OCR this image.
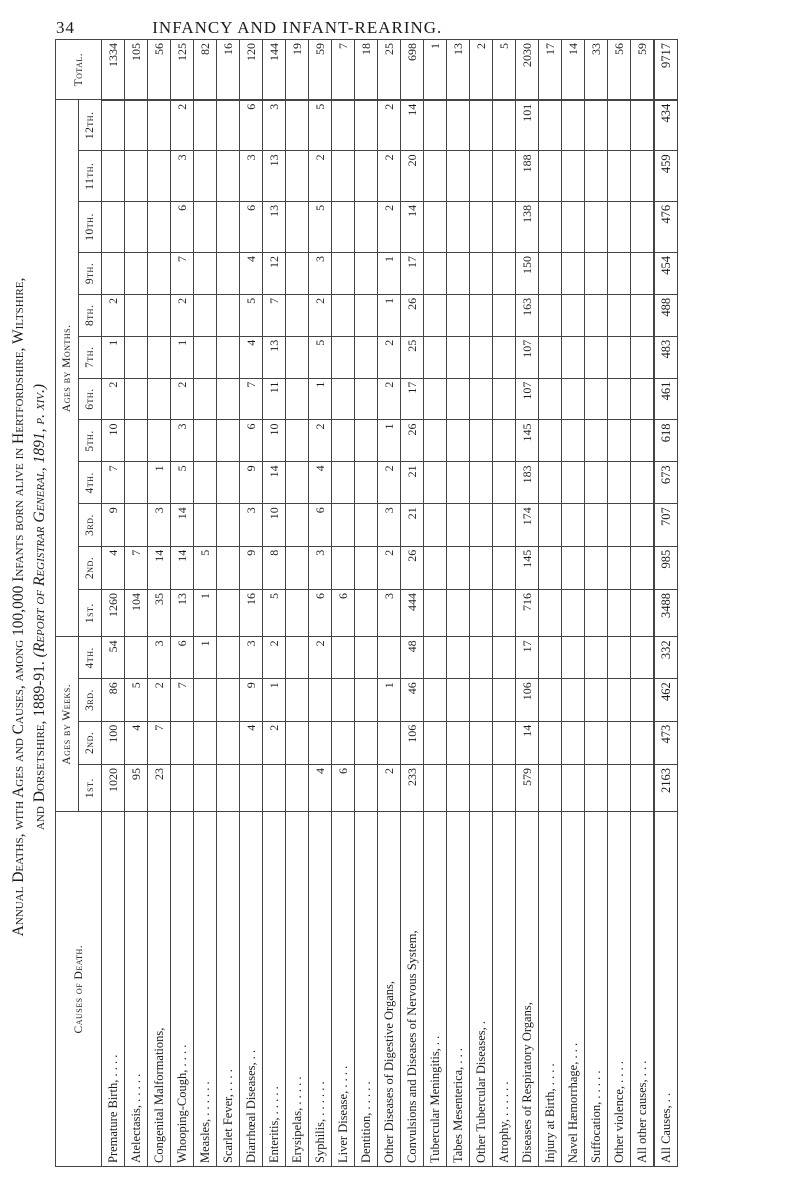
34	INFANCY AND INFANT-REARING.
Annual Deaths, with Ages and Causes, among 100,000 Infants born alive in Hertfordshire, Wiltshire, and Dorsetshire, 1889-91. (Report of Registrar General, 1891, p. xiv.)
Causes of Death.	Ages by Weeks.				Ages by Months.												Total.
	1st.	2nd.	3rd.	4th.	1st.	2nd.	3rd.	4th.	5th.	6th.	7th.	8th.	9th.	10th.	11th.	12th.	
Premature Birth, . . . .	1020	100	86	54	1260	4	9	7	10	2	1	2					1334
Atelectasis, . . . . .	95	4	5		104	7											105
Congenital Malformations,	23	7	2	3	35	14	3	1									56
Whooping-Cough, . . . .			7	6	13	14	14	5	3	2	1	2	7	6	3	2	125
Measles, . . . . . .				1	1	5											82
Scarlet Fever, . . . .																	16
Diarrhœal Diseases, . .		4	9	3	16	9	3	9	6	7	4	5	4	6	3	6	120
Enteritis, . . . . .		2	1	2	5	8	10	14	10	11	13	7	12	13	13	3	144
Erysipelas, . . . . .																	19
Syphilis, . . . . . .	4			2	6	3	6	4	2	1	5	2	3	5	2	5	59
Liver Disease, . . . .	6				6												7
Dentition, . . . . .																	18
Other Diseases of Digestive Organs,	2		1		3	2	3	2	1	2	2	1	1	2	2	2	25
Convulsions and Diseases of Nervous System,	233	106	46	48	444	26	21	21	26	17	25	26	17	14	20	14	698
Tubercular Meningitis, . .																	1
Tabes Mesenterica, . . .																	13
Other Tubercular Diseases, .																	2
Atrophy, . . . . . .																	5
Diseases of Respiratory Organs,	579	14	106	17	716	145	174	183	145	107	107	163	150	138	188	101	2030
Injury at Birth, . . . .																	17
Navel Hæmorrhage, . . .																	14
Suffocation, . . . . .																	33
Other violence, . . . .																	56
All other causes, . . .																	59
All Causes, . .	2163	473	462	332	3488	985	707	673	618	461	483	488	454	476	459	434	9717
